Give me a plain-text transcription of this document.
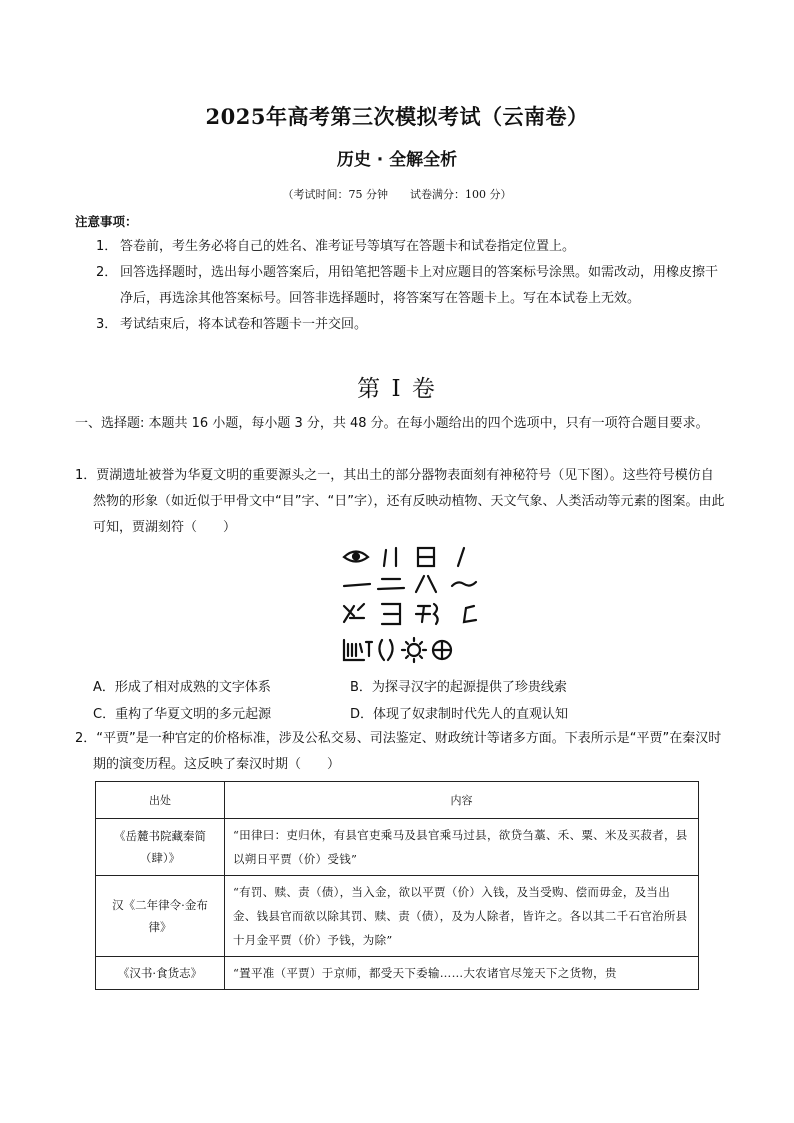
2025年高考第三次模拟考试（云南卷）
历史 · 全解全析
（考试时间：75 分钟 试卷满分：100 分）
注意事项：
1． 答卷前，考生务必将自己的姓名、准考证号等填写在答题卡和试卷指定位置上。
2． 回答选择题时，选出每小题答案后，用铅笔把答题卡上对应题目的答案标号涂黑。如需改动，用橡皮擦干净后，再选涂其他答案标号。回答非选择题时，将答案写在答题卡上。写在本试卷上无效。
3． 考试结束后，将本试卷和答题卡一并交回。
第 I 卷
一、选择题: 本题共 16 小题，每小题 3 分，共 48 分。在每小题给出的四个选项中，只有一项符合题目要求。
1．贾湖遗址被誉为华夏文明的重要源头之一，其出土的部分器物表面刻有神秘符号（见下图）。这些符号模仿自然物的形象（如近似于甲骨文中“目”字、“日”字），还有反映动植物、天文气象、人类活动等元素的图案。由此可知，贾湖刻符（　　）
A．形成了相对成熟的文字体系	B．为探寻汉字的起源提供了珍贵线索
C．重构了华夏文明的多元起源	D．体现了奴隶制时代先人的直观认知
2．“平贾”是一种官定的价格标准，涉及公私交易、司法鉴定、财政统计等诸多方面。下表所示是“平贾”在秦汉时期的演变历程。这反映了秦汉时期（　　）
出处	内容
《岳麓书院藏秦简（肆）》	“田律曰：吏归休，有县官吏乘马及县官乘马过县，欲贷刍藁、禾、粟、米及买菽者，县以朔日平贾（价）受钱”
汉《二年律令·金布律》	“有罚、赎、责（债），当入金，欲以平贾（价）入钱，及当受购、偿而毋金，及当出金、钱县官而欲以除其罚、赎、责（债），及为人除者，皆许之。各以其二千石官治所县十月金平贾（价）予钱，为除”
《汉书·食货志》	“置平准（平贾）于京师，都受天下委输……大农诸官尽笼天下之货物，贵
